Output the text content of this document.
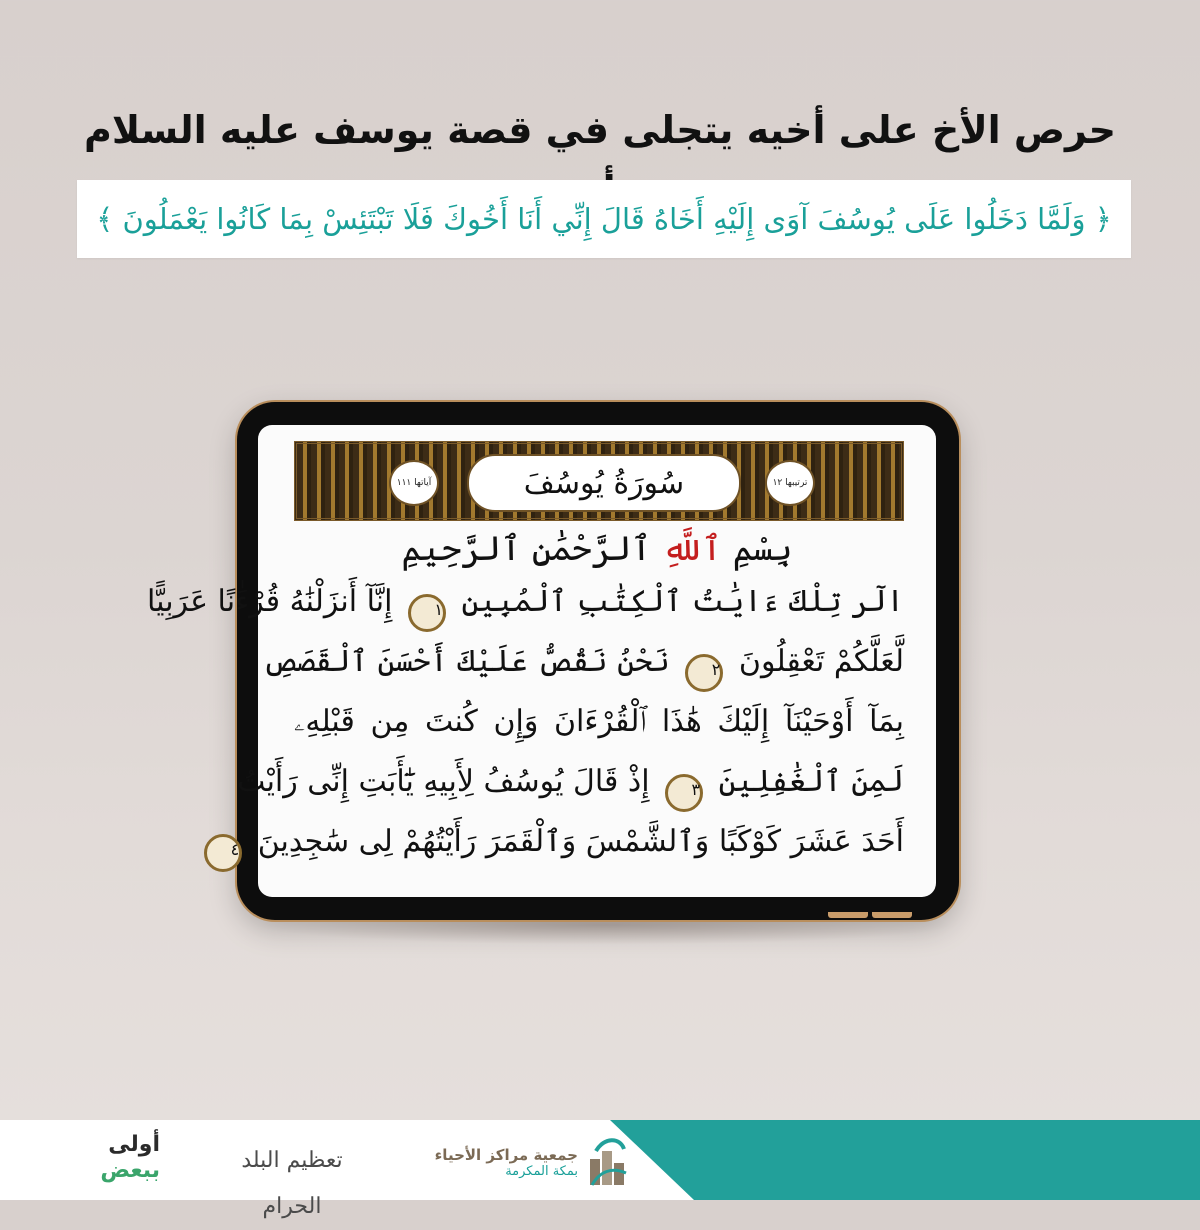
حرص الأخ على أخيه يتجلى في قصة يوسف عليه السلام
﴿ وَلَمَّا دَخَلُوا عَلَى يُوسُفَ آوَى إِلَيْهِ أَخَاهُ قَالَ إِنِّي أَنَا أَخُوكَ فَلَا تَبْتَئِسْ بِمَا كَانُوا يَعْمَلُونَ ﴾
آياتها ١١١	سُورَةُ يُوسُفَ	ترتيبها ١٢
بِسْمِ ٱللَّهِ ٱلرَّحْمَٰنِ ٱلرَّحِيمِ
الٓر تِلْكَ ءَايَٰتُ ٱلْكِتَٰبِ ٱلْمُبِينِ ١ إِنَّآ أَنزَلْنَٰهُ قُرْءَٰنًا عَرَبِيًّا
لَّعَلَّكُمْ تَعْقِلُونَ ٢ نَحْنُ نَقُصُّ عَلَيْكَ أَحْسَنَ ٱلْقَصَصِ
بِمَآ أَوْحَيْنَآ إِلَيْكَ هَٰذَا ٱلْقُرْءَانَ وَإِن كُنتَ مِن قَبْلِهِۦ
لَمِنَ ٱلْغَٰفِلِينَ ٣ إِذْ قَالَ يُوسُفُ لِأَبِيهِ يَٰٓأَبَتِ إِنِّى رَأَيْتُ
أَحَدَ عَشَرَ كَوْكَبًا وَٱلشَّمْسَ وَٱلْقَمَرَ رَأَيْتُهُمْ لِى سَٰجِدِينَ ٤
جمعية مراكز الأحياء
بمكة المكرمة
تعظيم البلد الحرام
أولى
ببعض
